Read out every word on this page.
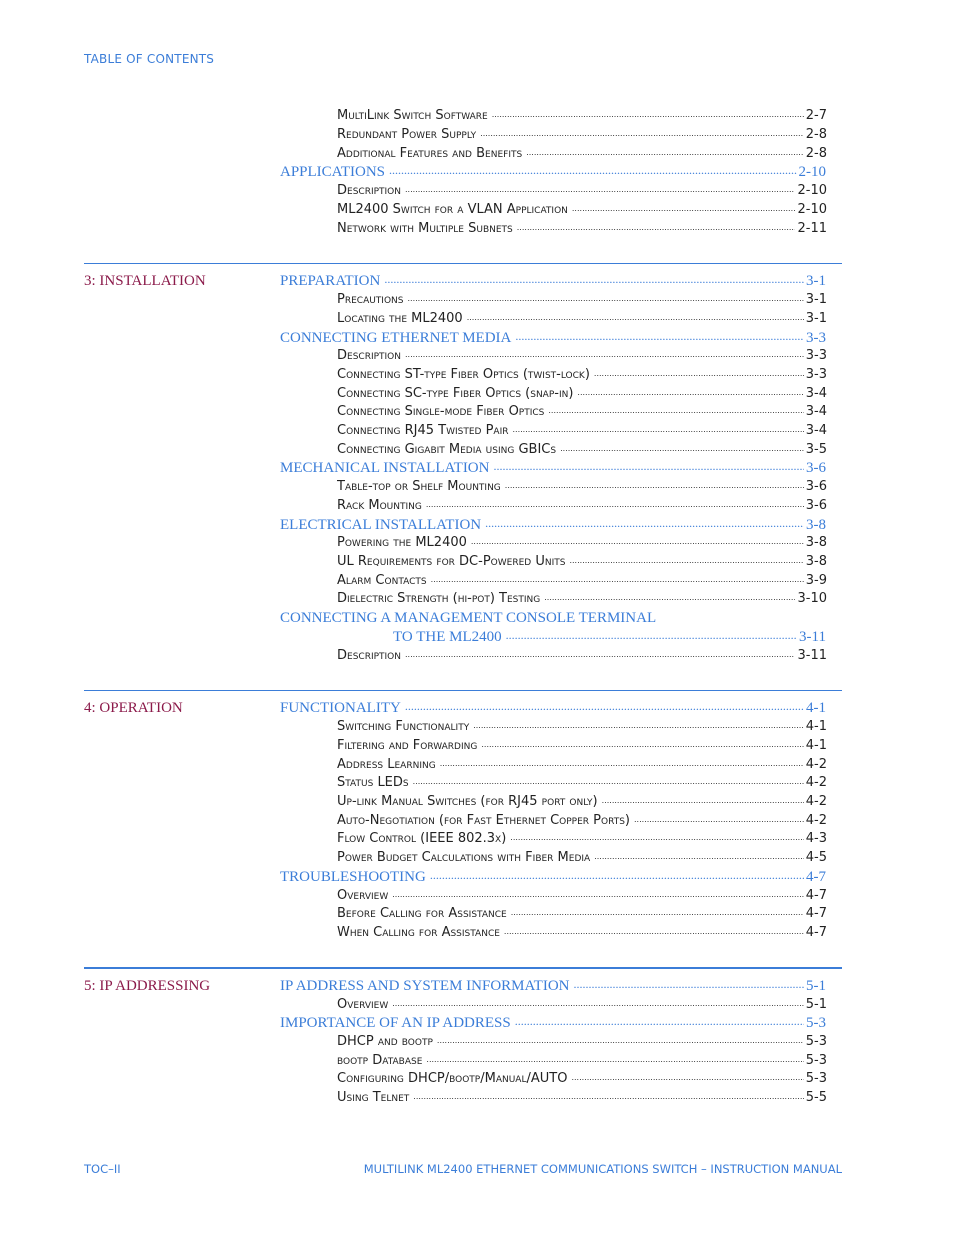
TABLE OF CONTENTS
MultiLink Switch Software .....	2-7
Redundant Power Supply .....	2-8
Additional Features and Benefits .....	2-8
APPLICATIONS .....	2-10
Description .....	2-10
ML2400 Switch for a VLAN Application .....	2-10
Network with Multiple Subnets .....	2-11
3: INSTALLATION	PREPARATION .....	3-1
Precautions .....	3-1
Locating the ML2400 .....	3-1
CONNECTING ETHERNET MEDIA .....	3-3
Description .....	3-3
Connecting ST-type Fiber Optics (twist-lock) .....	3-3
Connecting SC-type Fiber Optics (snap-in) .....	3-4
Connecting Single-mode Fiber Optics .....	3-4
Connecting RJ45 Twisted Pair .....	3-4
Connecting Gigabit Media using GBICs .....	3-5
MECHANICAL INSTALLATION .....	3-6
Table-top or Shelf Mounting .....	3-6
Rack Mounting .....	3-6
ELECTRICAL INSTALLATION .....	3-8
Powering the ML2400 .....	3-8
UL Requirements for DC-Powered Units .....	3-8
Alarm Contacts .....	3-9
Dielectric Strength (hi-pot) Testing .....	3-10
CONNECTING A MANAGEMENT CONSOLE TERMINAL
TO THE ML2400 .....	3-11
Description .....	3-11
4: OPERATION	FUNCTIONALITY .....	4-1
Switching Functionality .....	4-1
Filtering and Forwarding .....	4-1
Address Learning .....	4-2
Status LEDs .....	4-2
Up-link Manual Switches (for RJ45 port only) .....	4-2
Auto-Negotiation (for Fast Ethernet Copper Ports) .....	4-2
Flow Control (IEEE 802.3x) .....	4-3
Power Budget Calculations with Fiber Media .....	4-5
TROUBLESHOOTING .....	4-7
Overview .....	4-7
Before Calling for Assistance .....	4-7
When Calling for Assistance .....	4-7
5: IP ADDRESSING	IP ADDRESS AND SYSTEM INFORMATION .....	5-1
Overview .....	5-1
IMPORTANCE OF AN IP ADDRESS .....	5-3
DHCP and bootp .....	5-3
bootp Database .....	5-3
Configuring DHCP/bootp/Manual/AUTO .....	5-3
Using Telnet .....	5-5
TOC–II	MULTILINK ML2400 ETHERNET COMMUNICATIONS SWITCH – INSTRUCTION MANUAL
